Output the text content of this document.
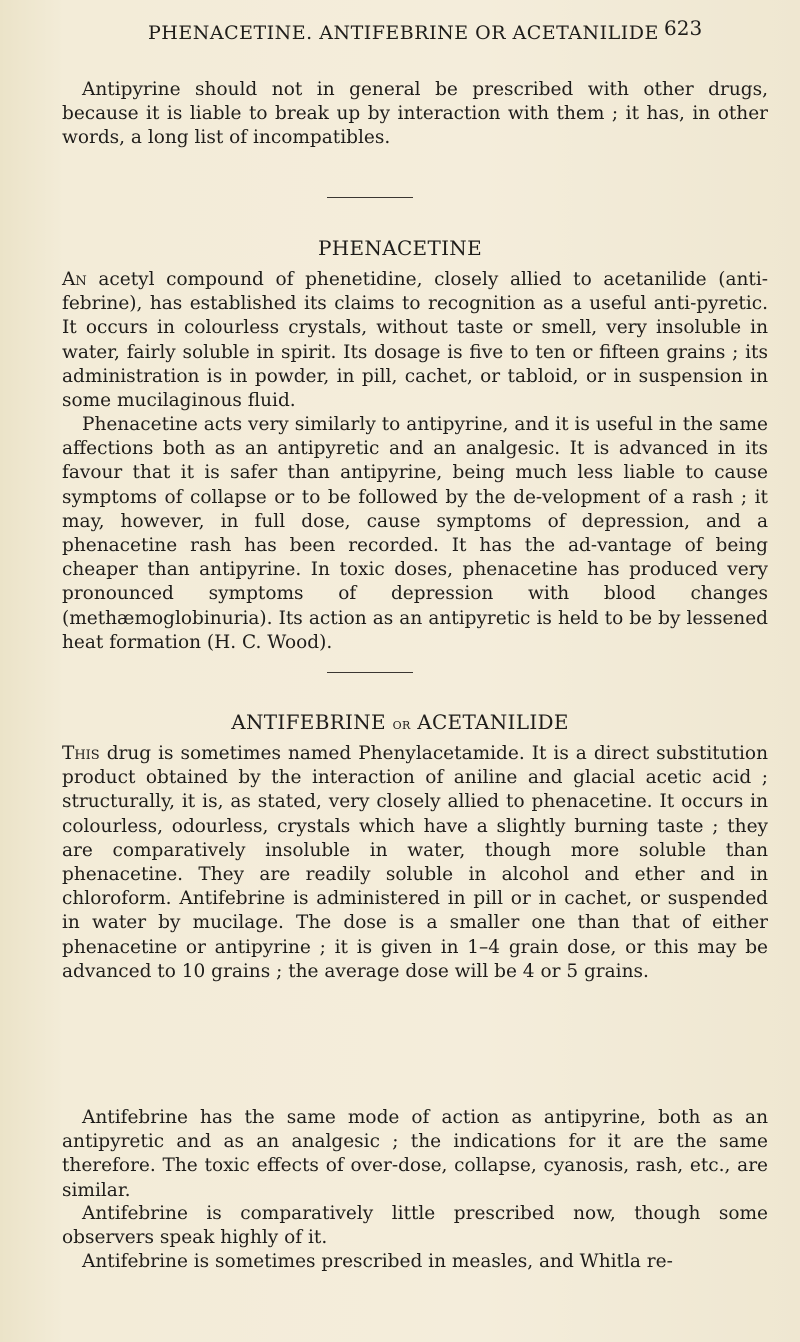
PHENACETINE. ANTIFEBRINE OR ACETANILIDE 623

Antipyrine should not in general be prescribed with other drugs, because it is liable to break up by interaction with them ; it has, in other words, a long list of incompatibles.

PHENACETINE

An acetyl compound of phenetidine, closely allied to acetanilide (anti-febrine), has established its claims to recognition as a useful anti-pyretic. It occurs in colourless crystals, without taste or smell, very insoluble in water, fairly soluble in spirit. Its dosage is five to ten or fifteen grains ; its administration is in powder, in pill, cachet, or tabloid, or in suspension in some mucilaginous fluid.

Phenacetine acts very similarly to antipyrine, and it is useful in the same affections both as an antipyretic and an analgesic. It is advanced in its favour that it is safer than antipyrine, being much less liable to cause symptoms of collapse or to be followed by the de-velopment of a rash ; it may, however, in full dose, cause symptoms of depression, and a phenacetine rash has been recorded. It has the ad-vantage of being cheaper than antipyrine. In toxic doses, phenacetine has produced very pronounced symptoms of depression with blood changes (methæmoglobinuria). Its action as an antipyretic is held to be by lessened heat formation (H. C. Wood).

ANTIFEBRINE or ACETANILIDE

This drug is sometimes named Phenylacetamide. It is a direct substitution product obtained by the interaction of aniline and glacial acetic acid ; structurally, it is, as stated, very closely allied to phenacetine. It occurs in colourless, odourless, crystals which have a slightly burning taste ; they are comparatively insoluble in water, though more soluble than phenacetine. They are readily soluble in alcohol and ether and in chloroform. Antifebrine is administered in pill or in cachet, or suspended in water by mucilage. The dose is a smaller one than that of either phenacetine or antipyrine ; it is given in 1–4 grain dose, or this may be advanced to 10 grains ; the average dose will be 4 or 5 grains.

Antifebrine has the same mode of action as antipyrine, both as an antipyretic and as an analgesic ; the indications for it are the same therefore. The toxic effects of over-dose, collapse, cyanosis, rash, etc., are similar.

Antifebrine is comparatively little prescribed now, though some observers speak highly of it.

Antifebrine is sometimes prescribed in measles, and Whitla re-
